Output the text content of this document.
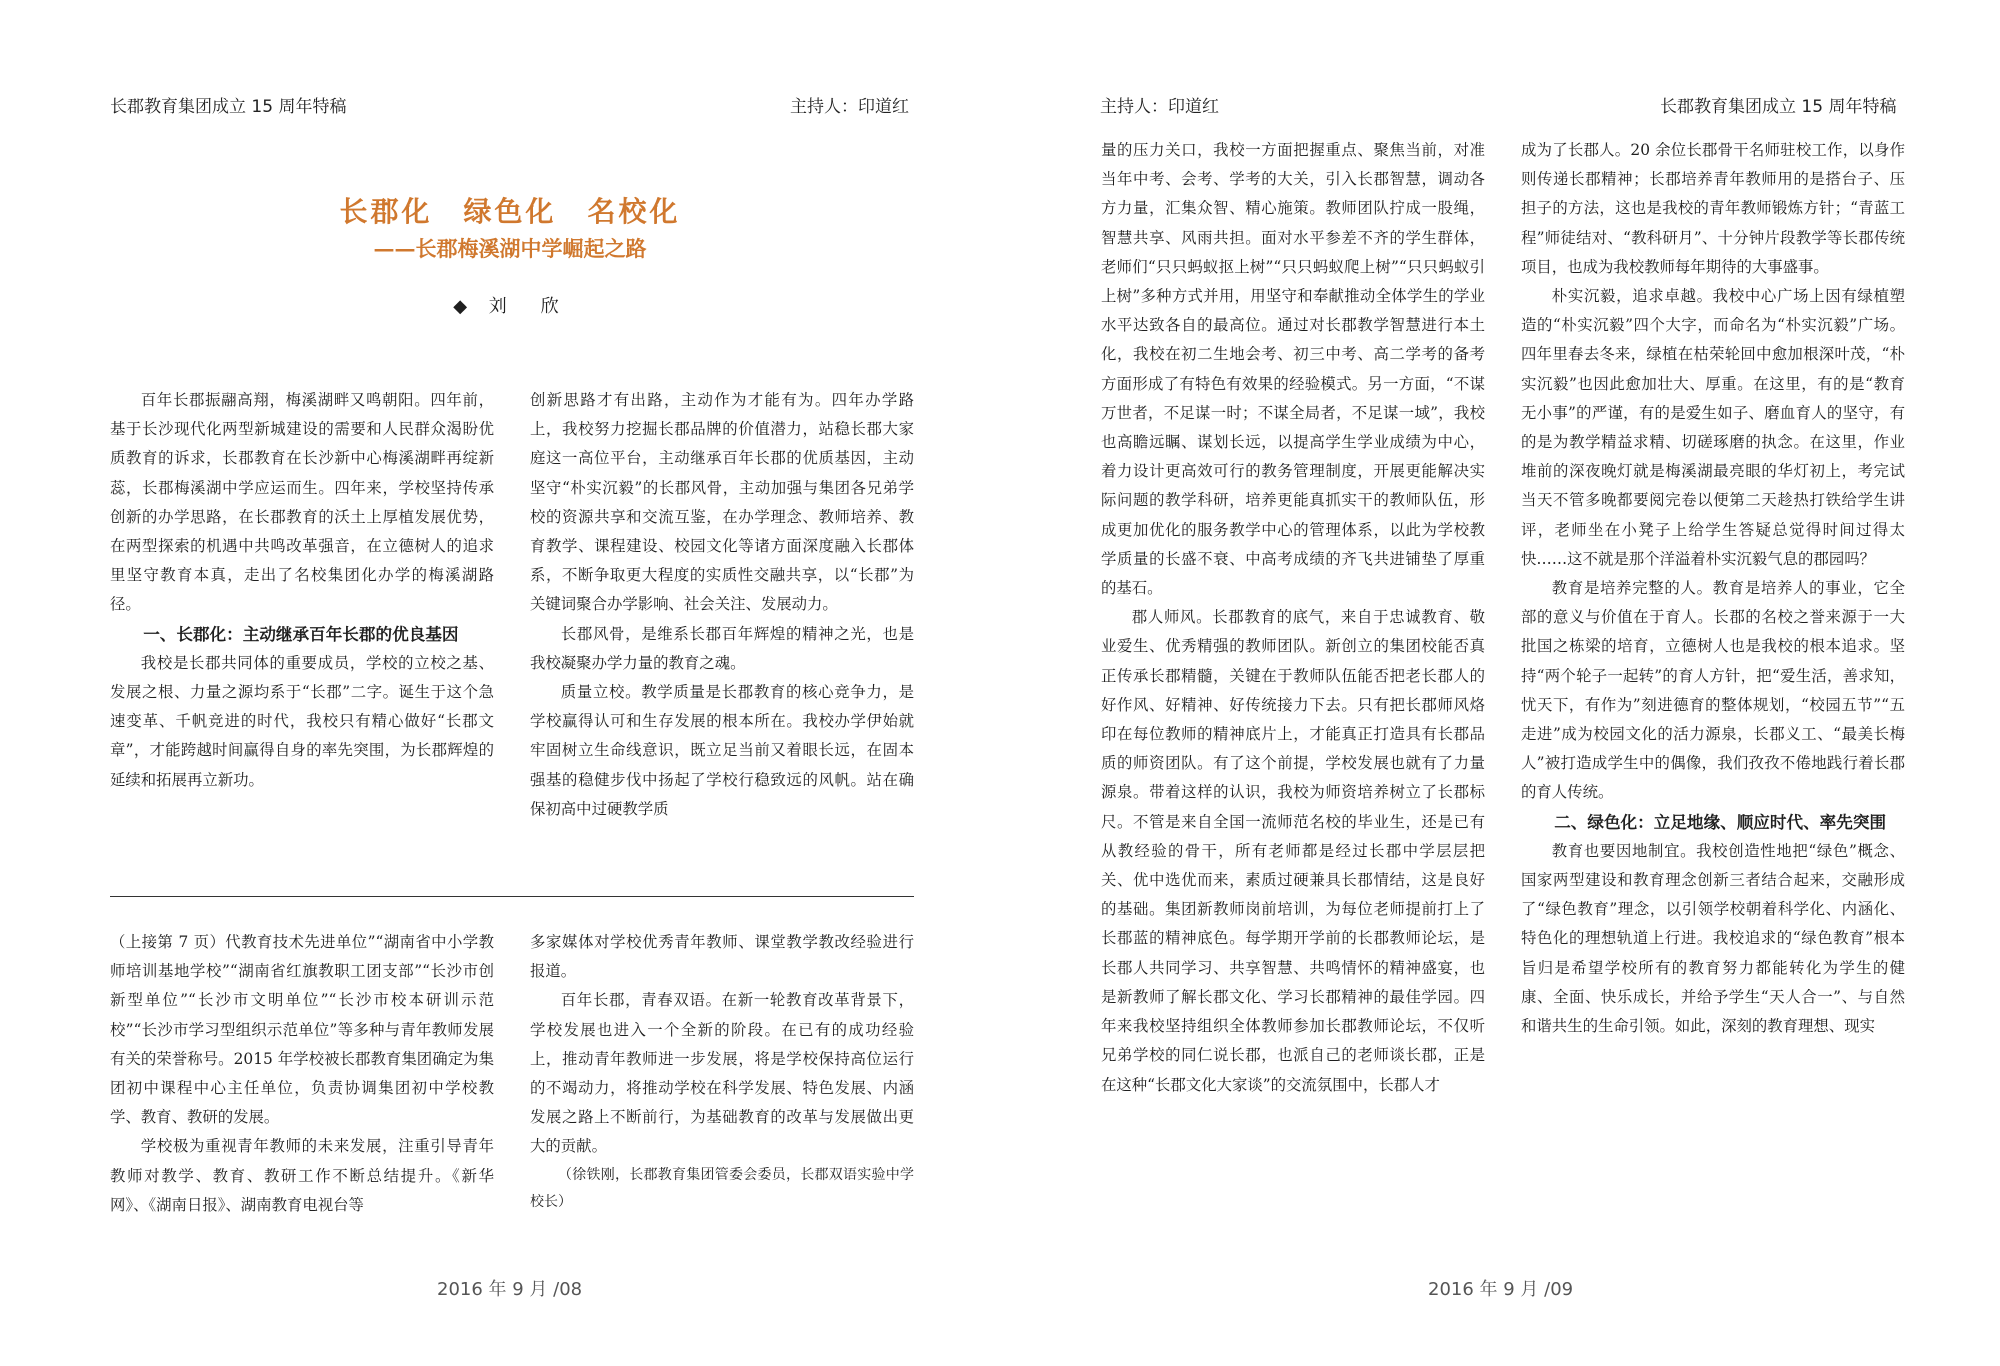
长郡教育集团成立 15 周年特稿	主持人：印道红
长郡化　绿色化　名校化
——长郡梅溪湖中学崛起之路
◆ 刘　欣

百年长郡振翮高翔，梅溪湖畔又鸣朝阳。四年前，基于长沙现代化两型新城建设的需要和人民群众渴盼优质教育的诉求，长郡教育在长沙新中心梅溪湖畔再绽新蕊，长郡梅溪湖中学应运而生。四年来，学校坚持传承创新的办学思路，在长郡教育的沃土上厚植发展优势，在两型探索的机遇中共鸣改革强音，在立德树人的追求里坚守教育本真，走出了名校集团化办学的梅溪湖路径。

一、长郡化：主动继承百年长郡的优良基因

我校是长郡共同体的重要成员，学校的立校之基、发展之根、力量之源均系于“长郡”二字。诞生于这个急速变革、千帆竞进的时代，我校只有精心做好“长郡文章”，才能跨越时间赢得自身的率先突围，为长郡辉煌的延续和拓展再立新功。

创新思路才有出路，主动作为才能有为。四年办学路上，我校努力挖掘长郡品牌的价值潜力，站稳长郡大家庭这一高位平台，主动继承百年长郡的优质基因，主动坚守“朴实沉毅”的长郡风骨，主动加强与集团各兄弟学校的资源共享和交流互鉴，在办学理念、教师培养、教育教学、课程建设、校园文化等诸方面深度融入长郡体系，不断争取更大程度的实质性交融共享，以“长郡”为关键词聚合办学影响、社会关注、发展动力。

长郡风骨，是维系长郡百年辉煌的精神之光，也是我校凝聚办学力量的教育之魂。

质量立校。教学质量是长郡教育的核心竞争力，是学校赢得认可和生存发展的根本所在。我校办学伊始就牢固树立生命线意识，既立足当前又着眼长远，在固本强基的稳健步伐中扬起了学校行稳致远的风帆。站在确保初高中过硬教学质

（上接第 7 页）代教育技术先进单位”“湖南省中小学教师培训基地学校”“湖南省红旗教职工团支部”“长沙市创新型单位”“长沙市文明单位”“长沙市校本研训示范校”“长沙市学习型组织示范单位”等多种与青年教师发展有关的荣誉称号。2015 年学校被长郡教育集团确定为集团初中课程中心主任单位，负责协调集团初中学校教学、教育、教研的发展。

学校极为重视青年教师的未来发展，注重引导青年教师对教学、教育、教研工作不断总结提升。《新华网》、《湖南日报》、湖南教育电视台等

多家媒体对学校优秀青年教师、课堂教学教改经验进行报道。

百年长郡，青春双语。在新一轮教育改革背景下，学校发展也进入一个全新的阶段。在已有的成功经验上，推动青年教师进一步发展，将是学校保持高位运行的不竭动力，将推动学校在科学发展、特色发展、内涵发展之路上不断前行，为基础教育的改革与发展做出更大的贡献。

（徐铁刚，长郡教育集团管委会委员，长郡双语实验中学校长）

2016 年 9 月 /08
主持人：印道红	长郡教育集团成立 15 周年特稿

量的压力关口，我校一方面把握重点、聚焦当前，对准当年中考、会考、学考的大关，引入长郡智慧，调动各方力量，汇集众智、精心施策。教师团队拧成一股绳，智慧共享、风雨共担。面对水平参差不齐的学生群体，老师们“只只蚂蚁抠上树”“只只蚂蚁爬上树”“只只蚂蚁引上树”多种方式并用，用坚守和奉献推动全体学生的学业水平达致各自的最高位。通过对长郡教学智慧进行本土化，我校在初二生地会考、初三中考、高二学考的备考方面形成了有特色有效果的经验模式。另一方面，“不谋万世者，不足谋一时；不谋全局者，不足谋一域”，我校也高瞻远瞩、谋划长远，以提高学生学业成绩为中心，着力设计更高效可行的教务管理制度，开展更能解决实际问题的教学科研，培养更能真抓实干的教师队伍，形成更加优化的服务教学中心的管理体系，以此为学校教学质量的长盛不衰、中高考成绩的齐飞共进铺垫了厚重的基石。

郡人师风。长郡教育的底气，来自于忠诚教育、敬业爱生、优秀精强的教师团队。新创立的集团校能否真正传承长郡精髓，关键在于教师队伍能否把老长郡人的好作风、好精神、好传统接力下去。只有把长郡师风烙印在每位教师的精神底片上，才能真正打造具有长郡品质的师资团队。有了这个前提，学校发展也就有了力量源泉。带着这样的认识，我校为师资培养树立了长郡标尺。不管是来自全国一流师范名校的毕业生，还是已有从教经验的骨干，所有老师都是经过长郡中学层层把关、优中选优而来，素质过硬兼具长郡情结，这是良好的基础。集团新教师岗前培训，为每位老师提前打上了长郡蓝的精神底色。每学期开学前的长郡教师论坛，是长郡人共同学习、共享智慧、共鸣情怀的精神盛宴，也是新教师了解长郡文化、学习长郡精神的最佳学园。四年来我校坚持组织全体教师参加长郡教师论坛，不仅听兄弟学校的同仁说长郡，也派自己的老师谈长郡，正是在这种“长郡文化大家谈”的交流氛围中，长郡人才

成为了长郡人。20 余位长郡骨干名师驻校工作，以身作则传递长郡精神；长郡培养青年教师用的是搭台子、压担子的方法，这也是我校的青年教师锻炼方针；“青蓝工程”师徒结对、“教科研月”、十分钟片段教学等长郡传统项目，也成为我校教师每年期待的大事盛事。

朴实沉毅，追求卓越。我校中心广场上因有绿植塑造的“朴实沉毅”四个大字，而命名为“朴实沉毅”广场。四年里春去冬来，绿植在枯荣轮回中愈加根深叶茂，“朴实沉毅”也因此愈加壮大、厚重。在这里，有的是“教育无小事”的严谨，有的是爱生如子、磨血育人的坚守，有的是为教学精益求精、切磋琢磨的执念。在这里，作业堆前的深夜晚灯就是梅溪湖最亮眼的华灯初上，考完试当天不管多晚都要阅完卷以便第二天趁热打铁给学生讲评，老师坐在小凳子上给学生答疑总觉得时间过得太快……这不就是那个洋溢着朴实沉毅气息的郡园吗？

教育是培养完整的人。教育是培养人的事业，它全部的意义与价值在于育人。长郡的名校之誉来源于一大批国之栋梁的培育，立德树人也是我校的根本追求。坚持“两个轮子一起转”的育人方针，把“爱生活，善求知，忧天下，有作为”刻进德育的整体规划，“校园五节”“五走进”成为校园文化的活力源泉，长郡义工、“最美长梅人”被打造成学生中的偶像，我们孜孜不倦地践行着长郡的育人传统。

二、绿色化：立足地缘、顺应时代、率先突围

教育也要因地制宜。我校创造性地把“绿色”概念、国家两型建设和教育理念创新三者结合起来，交融形成了“绿色教育”理念，以引领学校朝着科学化、内涵化、特色化的理想轨道上行进。我校追求的“绿色教育”根本旨归是希望学校所有的教育努力都能转化为学生的健康、全面、快乐成长，并给予学生“天人合一”、与自然和谐共生的生命引领。如此，深刻的教育理想、现实

2016 年 9 月 /09
